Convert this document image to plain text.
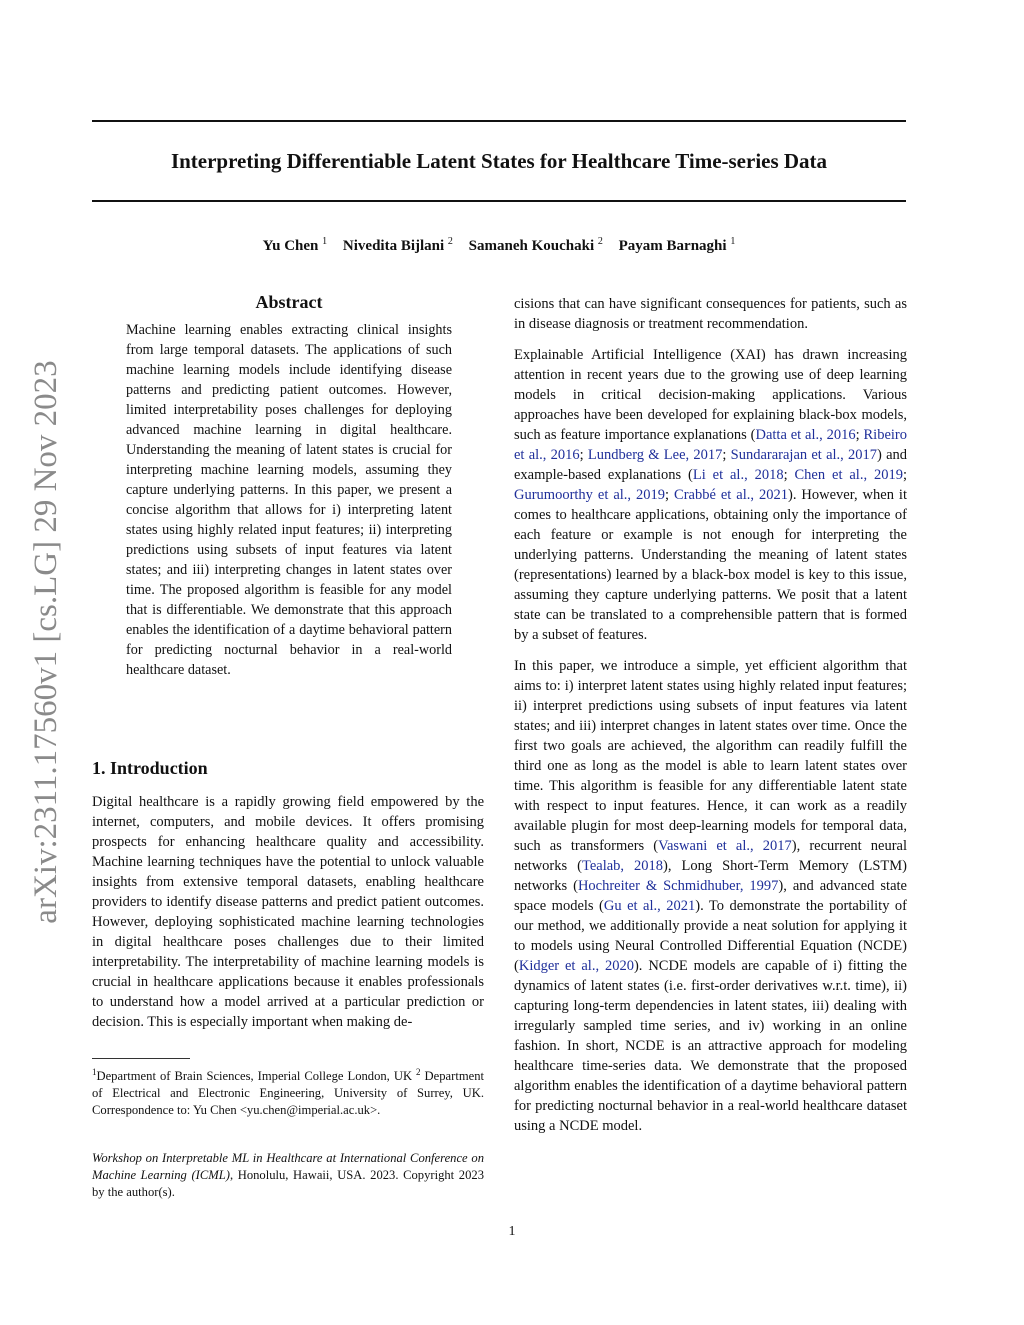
Interpreting Differentiable Latent States for Healthcare Time-series Data
Yu Chen $^1$ Nivedita Bijlani $^2$ Samaneh Kouchaki $^2$ Payam Barnaghi $^1$
arXiv:2311.17560v1 [cs.LG] 29 Nov 2023
Abstract

Machine learning enables extracting clinical insights from large temporal datasets. The applications of such machine learning models include identifying disease patterns and predicting patient outcomes. However, limited interpretability poses challenges for deploying advanced machine learning in digital healthcare. Understanding the meaning of latent states is crucial for interpreting machine learning models, assuming they capture underlying patterns. In this paper, we present a concise algorithm that allows for i) interpreting latent states using highly related input features; ii) interpreting predictions using subsets of input features via latent states; and iii) interpreting changes in latent states over time. The proposed algorithm is feasible for any model that is differentiable. We demonstrate that this approach enables the identification of a daytime behavioral pattern for predicting nocturnal behavior in a real-world healthcare dataset.

1. Introduction

Digital healthcare is a rapidly growing field empowered by the internet, computers, and mobile devices. It offers promising prospects for enhancing healthcare quality and accessibility. Machine learning techniques have the potential to unlock valuable insights from extensive temporal datasets, enabling healthcare providers to identify disease patterns and predict patient outcomes. However, deploying sophisticated machine learning technologies in digital healthcare poses challenges due to their limited interpretability. The interpretability of machine learning models is crucial in healthcare applications because it enables professionals to understand how a model arrived at a particular prediction or decision. This is especially important when making de-

$^1$Department of Brain Sciences, Imperial College London, UK $^2$ Department of Electrical and Electronic Engineering, University of Surrey, UK. Correspondence to: Yu Chen <yu.chen@imperial.ac.uk>.
Workshop on Interpretable ML in Healthcare at International Conference on Machine Learning (ICML), Honolulu, Hawaii, USA. 2023. Copyright 2023 by the author(s).

cisions that can have significant consequences for patients, such as in disease diagnosis or treatment recommendation.

Explainable Artificial Intelligence (XAI) has drawn increasing attention in recent years due to the growing use of deep learning models in critical decision-making applications. Various approaches have been developed for explaining black-box models, such as feature importance explanations (Datta et al., 2016; Ribeiro et al., 2016; Lundberg & Lee, 2017; Sundararajan et al., 2017) and example-based explanations (Li et al., 2018; Chen et al., 2019; Gurumoorthy et al., 2019; Crabbé et al., 2021). However, when it comes to healthcare applications, obtaining only the importance of each feature or example is not enough for interpreting the underlying patterns. Understanding the meaning of latent states (representations) learned by a black-box model is key to this issue, assuming they capture underlying patterns. We posit that a latent state can be translated to a comprehensible pattern that is formed by a subset of features.

In this paper, we introduce a simple, yet efficient algorithm that aims to: i) interpret latent states using highly related input features; ii) interpret predictions using subsets of input features via latent states; and iii) interpret changes in latent states over time. Once the first two goals are achieved, the algorithm can readily fulfill the third one as long as the model is able to learn latent states over time. This algorithm is feasible for any differentiable latent state with respect to input features. Hence, it can work as a readily available plugin for most deep-learning models for temporal data, such as transformers (Vaswani et al., 2017), recurrent neural networks (Tealab, 2018), Long Short-Term Memory (LSTM) networks (Hochreiter & Schmidhuber, 1997), and advanced state space models (Gu et al., 2021). To demonstrate the portability of our method, we additionally provide a neat solution for applying it to models using Neural Controlled Differential Equation (NCDE) (Kidger et al., 2020). NCDE models are capable of i) fitting the dynamics of latent states (i.e. first-order derivatives w.r.t. time), ii) capturing long-term dependencies in latent states, iii) dealing with irregularly sampled time series, and iv) working in an online fashion. In short, NCDE is an attractive approach for modeling healthcare time-series data. We demonstrate that the proposed algorithm enables the identification of a daytime behavioral pattern for predicting nocturnal behavior in a real-world healthcare dataset using a NCDE model.

1
